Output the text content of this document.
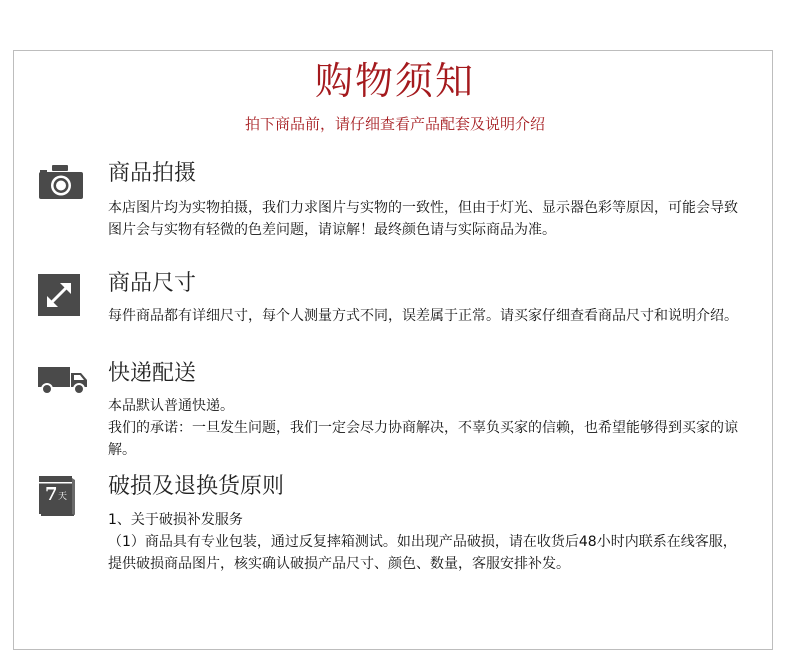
购物须知
拍下商品前，请仔细查看产品配套及说明介绍
商品拍摄

本店图片均为实物拍摄，我们力求图片与实物的一致性，但由于灯光、显示器色彩等原因，可能会导致图片会与实物有轻微的色差问题，请谅解！最终颜色请与实际商品为准。

商品尺寸

每件商品都有详细尺寸，每个人测量方式不同，误差属于正常。请买家仔细查看商品尺寸和说明介绍。

快递配送

本品默认普通快递。

我们的承诺：一旦发生问题，我们一定会尽力协商解决，不辜负买家的信赖，也希望能够得到买家的谅解。

7 天 破损及退换货原则

1、关于破损补发服务

（1）商品具有专业包装，通过反复摔箱测试。如出现产品破损，请在收货后48小时内联系在线客服，提供破损商品图片，核实确认破损产品尺寸、颜色、数量，客服安排补发。
